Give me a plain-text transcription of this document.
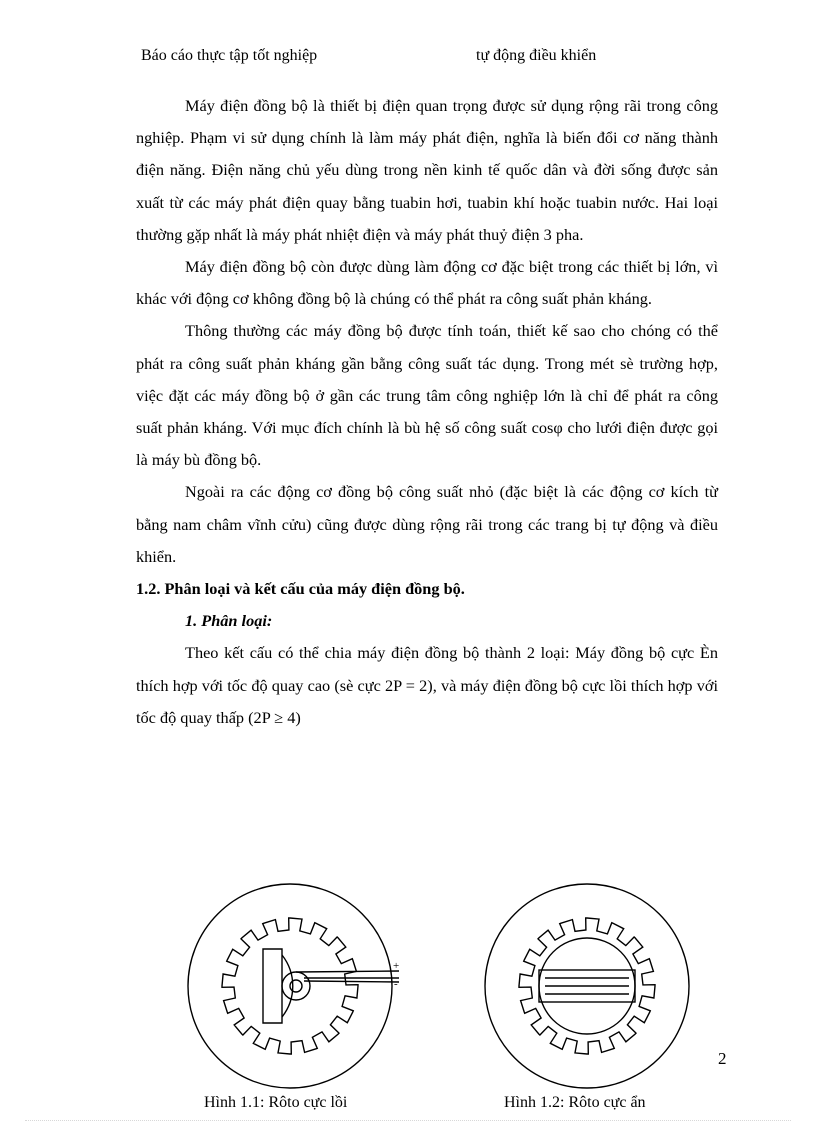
Báo cáo thực tập tốt nghiệp	tự động điều khiển

Máy điện đồng bộ là thiết bị điện quan trọng được sử dụng rộng rãi trong công nghiệp. Phạm vi sử dụng chính là làm máy phát điện, nghĩa là biến đổi cơ năng thành điện năng. Điện năng chủ yếu dùng trong nền kinh tế quốc dân và đời sống được sản xuất từ các máy phát điện quay bằng tuabin hơi, tuabin khí hoặc tuabin nước. Hai loại thường gặp nhất là máy phát nhiệt điện và máy phát thuỷ điện 3 pha.

Máy điện đồng bộ còn được dùng làm động cơ đặc biệt trong các thiết bị lớn, vì khác với động cơ không đồng bộ là chúng có thể phát ra công suất phản kháng.

Thông thường các máy đồng bộ được tính toán, thiết kế sao cho chóng có thể phát ra công suất phản kháng gần bằng công suất tác dụng. Trong mét sè trường hợp, việc đặt các máy đồng bộ ở gần các trung tâm công nghiệp lớn là chỉ để phát ra công suất phản kháng. Với mục đích chính là bù hệ số công suất cosφ cho lưới điện được gọi là máy bù đồng bộ.

Ngoài ra các động cơ đồng bộ công suất nhỏ (đặc biệt là các động cơ kích từ bằng nam châm vĩnh cửu) cũng được dùng rộng rãi trong các trang bị tự động và điều khiển.

1.2. Phân loại và kết cấu của máy điện đồng bộ.
1. Phân loại:

Theo kết cấu có thể chia máy điện đồng bộ thành 2 loại: Máy đồng bộ cực Èn thích hợp với tốc độ quay cao (sè cực 2P = 2), và máy điện đồng bộ cực lồi thích hợp với tốc độ quay thấp (2P ≥ 4)

+
-
Hình 1.1: Rôto cực lồi	Hình 1.2: Rôto cực ẩn
2
